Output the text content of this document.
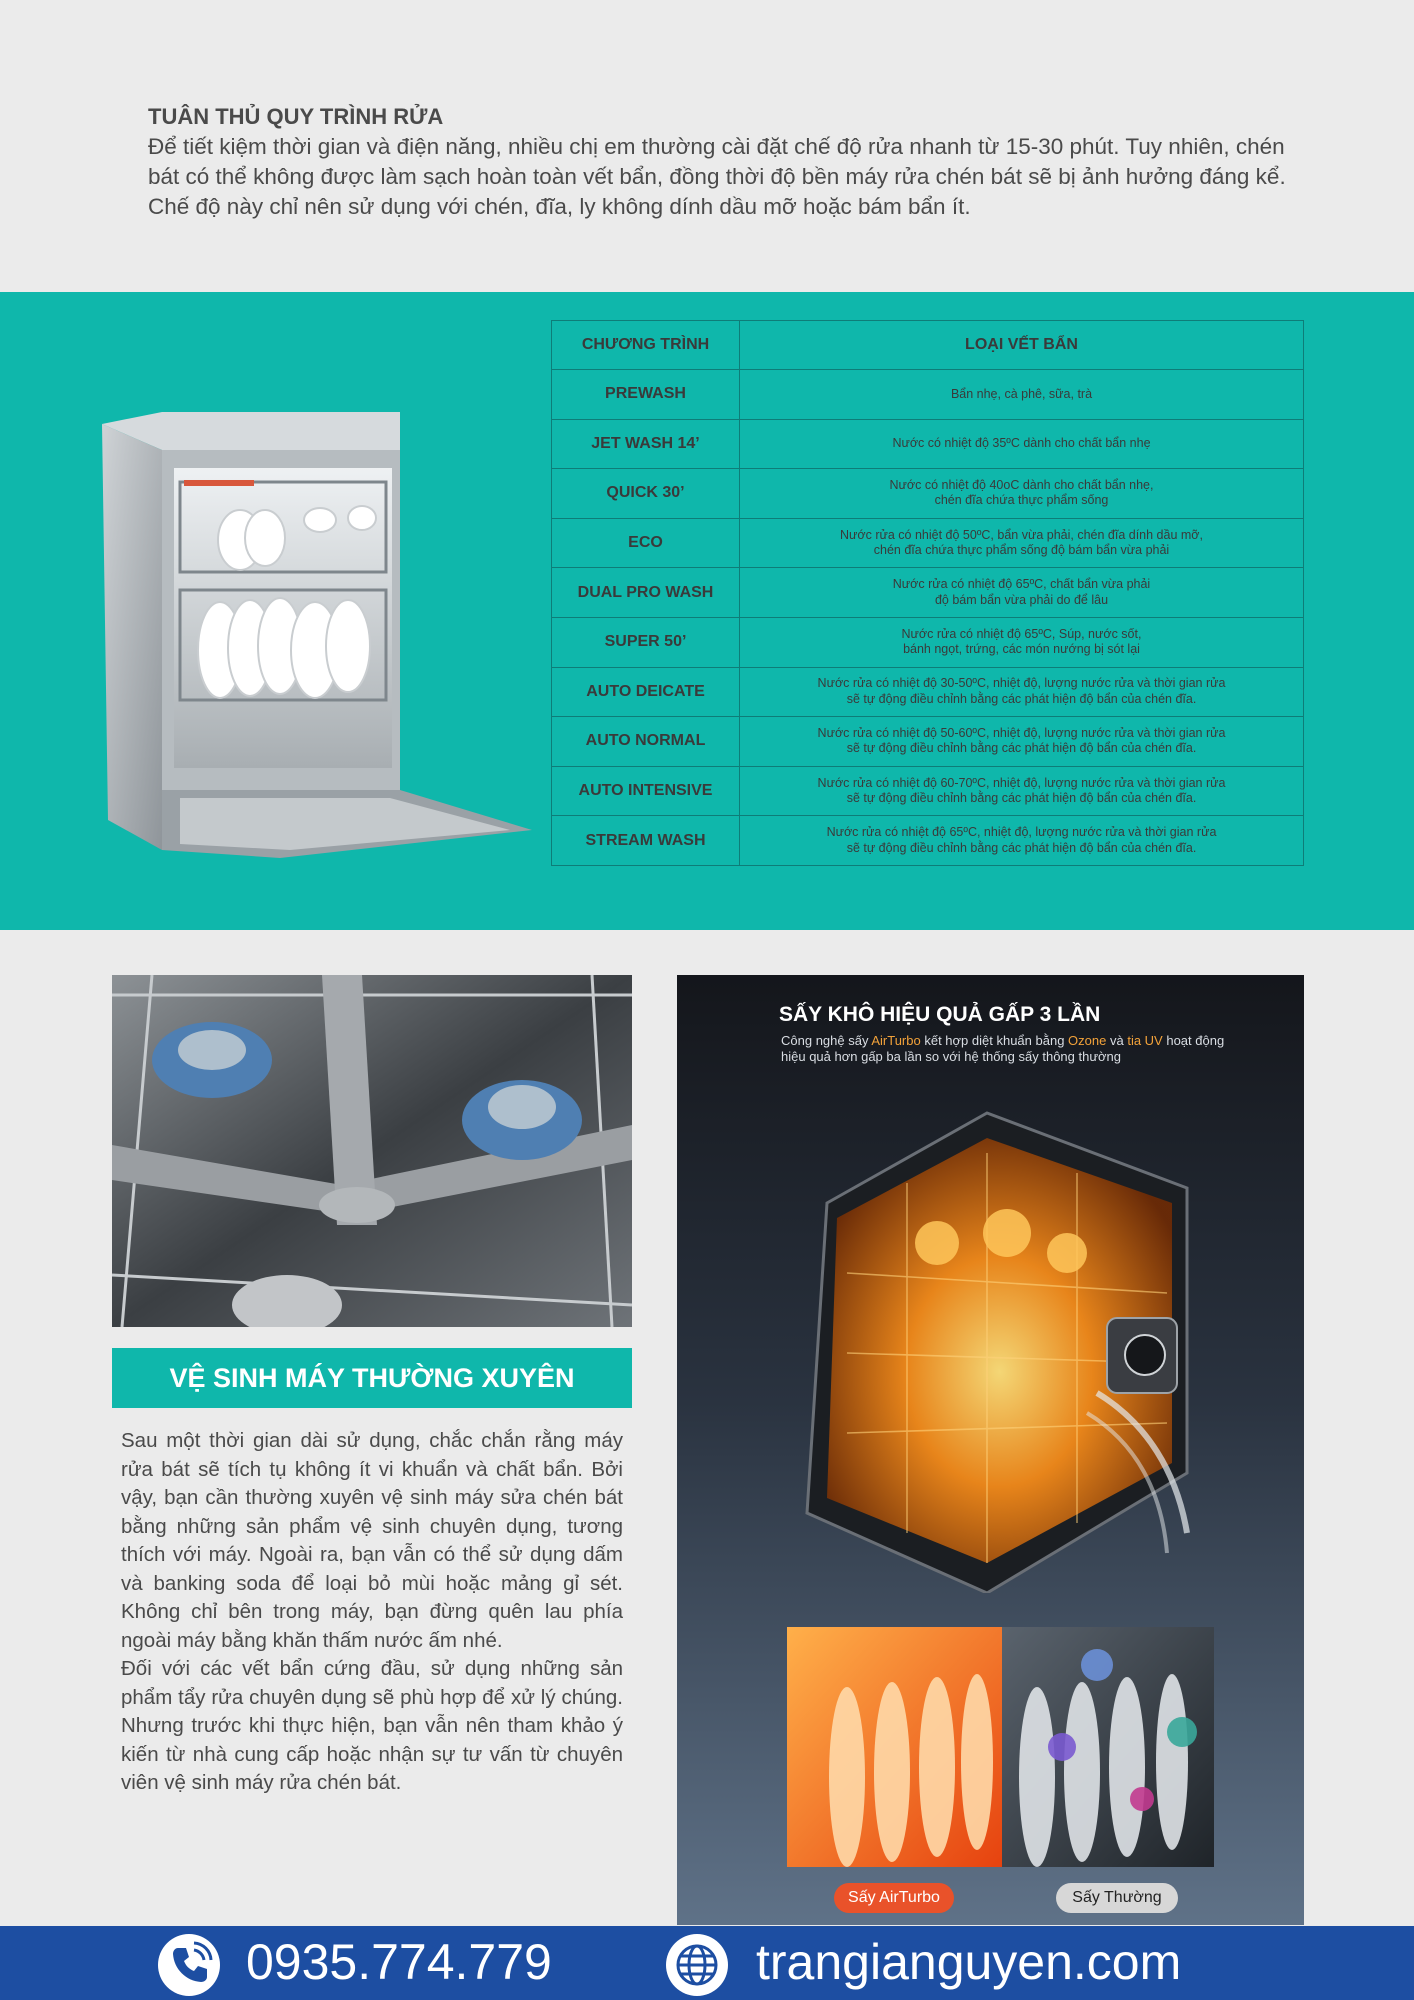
TUÂN THỦ QUY TRÌNH RỬA

Để tiết kiệm thời gian và điện năng, nhiều chị em thường cài đặt chế độ rửa nhanh từ 15-30 phút. Tuy nhiên, chén bát có thể không được làm sạch hoàn toàn vết bẩn, đồng thời độ bền máy rửa chén bát sẽ bị ảnh hưởng đáng kể. Chế độ này chỉ nên sử dụng với chén, đĩa, ly không dính dầu mỡ hoặc bám bẩn ít.

CHƯƠNG TRÌNH	LOẠI VẾT BẨN
PREWASH	Bẩn nhẹ, cà phê, sữa, trà

JET WASH 14’	Nước có nhiệt độ 35ºC dành cho chất bẩn nhẹ

QUICK 30’	Nước có nhiệt độ 40oC dành cho chất bẩn nhẹ,
chén đĩa chứa thực phẩm sống
ECO	Nước rửa có nhiệt độ 50ºC, bẩn vừa phải, chén đĩa dính dầu mỡ,
chén đĩa chứa thực phẩm sống độ bám bẩn vừa phải
DUAL PRO WASH	Nước rửa có nhiệt độ 65ºC, chất bẩn vừa phải
độ bám bẩn vừa phải do để lâu
SUPER 50’	Nước rửa có nhiệt độ 65ºC, Súp, nước sốt,
bánh ngọt, trứng, các món nướng bị sót lại
AUTO DEICATE	Nước rửa có nhiệt độ 30-50ºC, nhiệt độ, lượng nước rửa và thời gian rửa
sẽ tự động điều chỉnh bằng các phát hiện độ bẩn của chén đĩa.
AUTO NORMAL	Nước rửa có nhiệt độ 50-60ºC, nhiệt độ, lượng nước rửa và thời gian rửa
sẽ tự động điều chỉnh bằng các phát hiện độ bẩn của chén đĩa.
AUTO INTENSIVE	Nước rửa có nhiệt độ 60-70ºC, nhiệt độ, lượng nước rửa và thời gian rửa
sẽ tự động điều chỉnh bằng các phát hiện độ bẩn của chén đĩa.
STREAM WASH	Nước rửa có nhiệt độ 65ºC, nhiệt độ, lượng nước rửa và thời gian rửa
sẽ tự động điều chỉnh bằng các phát hiện độ bẩn của chén đĩa.
VỆ SINH MÁY THƯỜNG XUYÊN

Sau một thời gian dài sử dụng, chắc chắn rằng máy rửa bát sẽ tích tụ không ít vi khuẩn và chất bẩn. Bởi vậy, bạn cần thường xuyên vệ sinh máy sửa chén bát bằng những sản phẩm vệ sinh chuyên dụng, tương thích với máy. Ngoài ra, bạn vẫn có thể sử dụng dấm và banking soda để loại bỏ mùi hoặc mảng gỉ sét. Không chỉ bên trong máy, bạn đừng quên lau phía ngoài máy bằng khăn thấm nước ấm nhé.

Đối với các vết bẩn cứng đầu, sử dụng những sản phẩm tẩy rửa chuyên dụng sẽ phù hợp để xử lý chúng. Nhưng trước khi thực hiện, bạn vẫn nên tham khảo ý kiến từ nhà cung cấp hoặc nhận sự tư vấn từ chuyên viên vệ sinh máy rửa chén bát.

SẤY KHÔ HIỆU QUẢ GẤP 3 LẦN
Công nghệ sấy AirTurbo kết hợp diệt khuẩn bằng Ozone và tia UV hoạt động hiệu quả hơn gấp ba lần so với hệ thống sấy thông thường
Sấy AirTurbo	Sấy Thường
0935.774.779	trangianguyen.com
